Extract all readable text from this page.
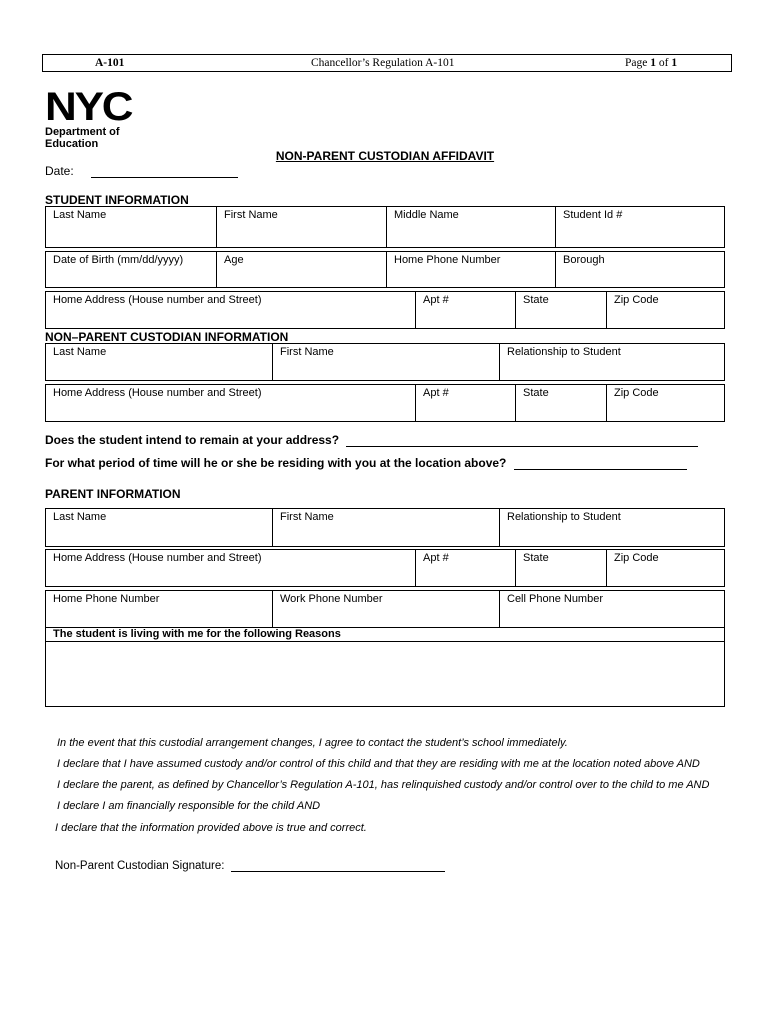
A-101	Chancellor’s Regulation A-101	Page 1 of 1
NYC
Department of
Education
NON-PARENT CUSTODIAN AFFIDAVIT
Date:
STUDENT INFORMATION
Last Name	First Name	Middle Name	Student Id #
Date of Birth (mm/dd/yyyy)	Age	Home Phone Number	Borough
Home Address (House number and Street)	Apt #	State	Zip Code
NON–PARENT CUSTODIAN INFORMATION
Last Name	First Name	Relationship to Student
Home Address (House number and Street)	Apt #	State	Zip Code
Does the student intend to remain at your address?
For what period of time will he or she be residing with you at the location above?
PARENT INFORMATION
Last Name	First Name	Relationship to Student
Home Address (House number and Street)	Apt #	State	Zip Code
Home Phone Number	Work Phone Number	Cell Phone Number
The student is living with me for the following Reasons
In the event that this custodial arrangement changes, I agree to contact the student’s school immediately.
I declare that I have assumed custody and/or control of this child and that they are residing with me at the location noted above AND
I declare the parent, as defined by Chancellor’s Regulation A-101, has relinquished custody and/or control over to the child to me AND
I declare I am financially responsible for the child AND
I declare that the information provided above is true and correct.
Non-Parent Custodian Signature:
